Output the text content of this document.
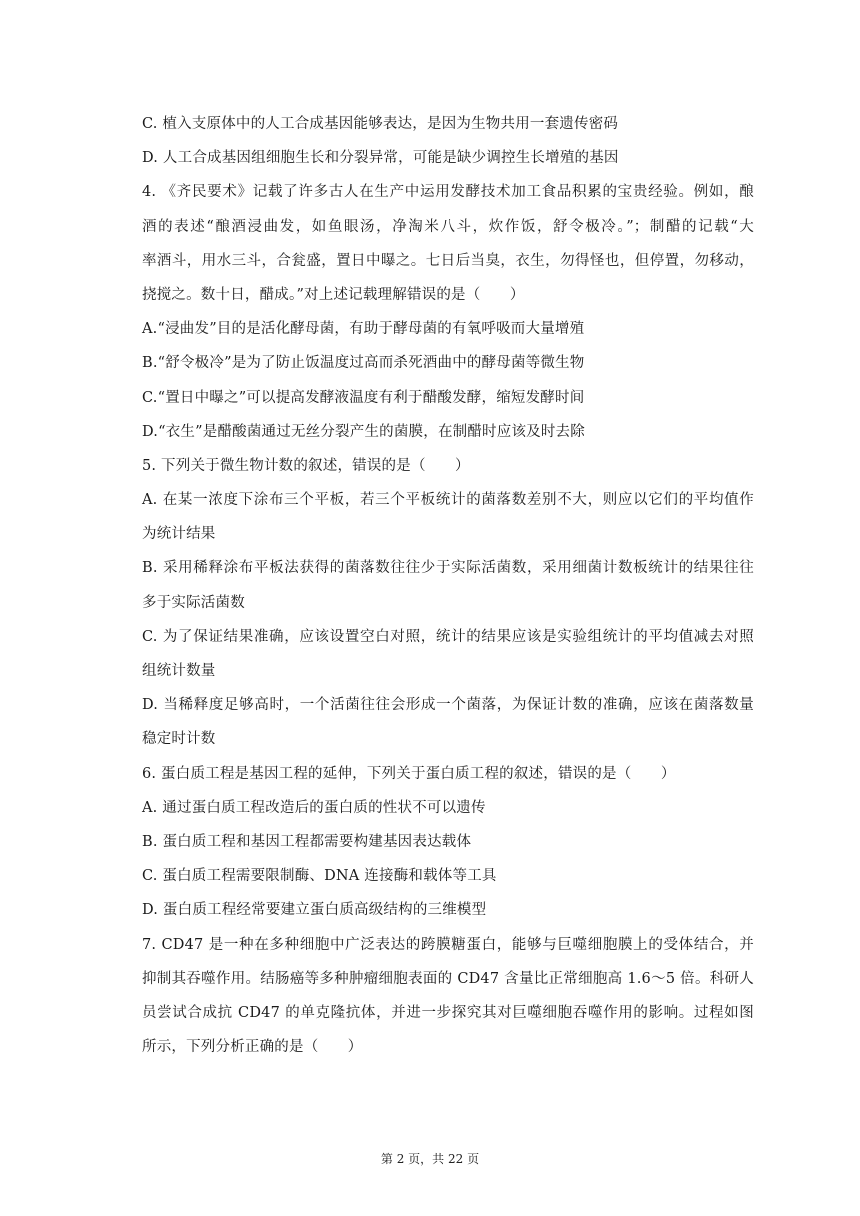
C. 植入支原体中的人工合成基因能够表达，是因为生物共用一套遗传密码
D. 人工合成基因组细胞生长和分裂异常，可能是缺少调控生长增殖的基因
4. 《齐民要术》记载了许多古人在生产中运用发酵技术加工食品积累的宝贵经验。例如，酿
酒的表述“酿酒浸曲发，如鱼眼汤，净淘米八斗，炊作饭，舒令极冷。”；制醋的记载“大
率酒斗，用水三斗，合瓮盛，置日中曝之。七日后当臭，衣生，勿得怪也，但停置，勿移动，
挠搅之。数十日，醋成。”对上述记载理解错误的是（　　）
A.“浸曲发”目的是活化酵母菌，有助于酵母菌的有氧呼吸而大量增殖
B.“舒令极冷”是为了防止饭温度过高而杀死酒曲中的酵母菌等微生物
C.“置日中曝之”可以提高发酵液温度有利于醋酸发酵，缩短发酵时间
D.“衣生”是醋酸菌通过无丝分裂产生的菌膜，在制醋时应该及时去除
5. 下列关于微生物计数的叙述，错误的是（　　）
A. 在某一浓度下涂布三个平板，若三个平板统计的菌落数差别不大，则应以它们的平均值作
为统计结果
B. 采用稀释涂布平板法获得的菌落数往往少于实际活菌数，采用细菌计数板统计的结果往往
多于实际活菌数
C. 为了保证结果准确，应该设置空白对照，统计的结果应该是实验组统计的平均值减去对照
组统计数量
D. 当稀释度足够高时，一个活菌往往会形成一个菌落，为保证计数的准确，应该在菌落数量
稳定时计数
6. 蛋白质工程是基因工程的延伸，下列关于蛋白质工程的叙述，错误的是（　　）
A. 通过蛋白质工程改造后的蛋白质的性状不可以遗传
B. 蛋白质工程和基因工程都需要构建基因表达载体
C. 蛋白质工程需要限制酶、DNA 连接酶和载体等工具
D. 蛋白质工程经常要建立蛋白质高级结构的三维模型
7. CD47 是一种在多种细胞中广泛表达的跨膜糖蛋白，能够与巨噬细胞膜上的受体结合，并
抑制其吞噬作用。结肠癌等多种肿瘤细胞表面的 CD47 含量比正常细胞高 1.6～5 倍。科研人
员尝试合成抗 CD47 的单克隆抗体，并进一步探究其对巨噬细胞吞噬作用的影响。过程如图
所示，下列分析正确的是（　　）
第 2 页，共 22 页
